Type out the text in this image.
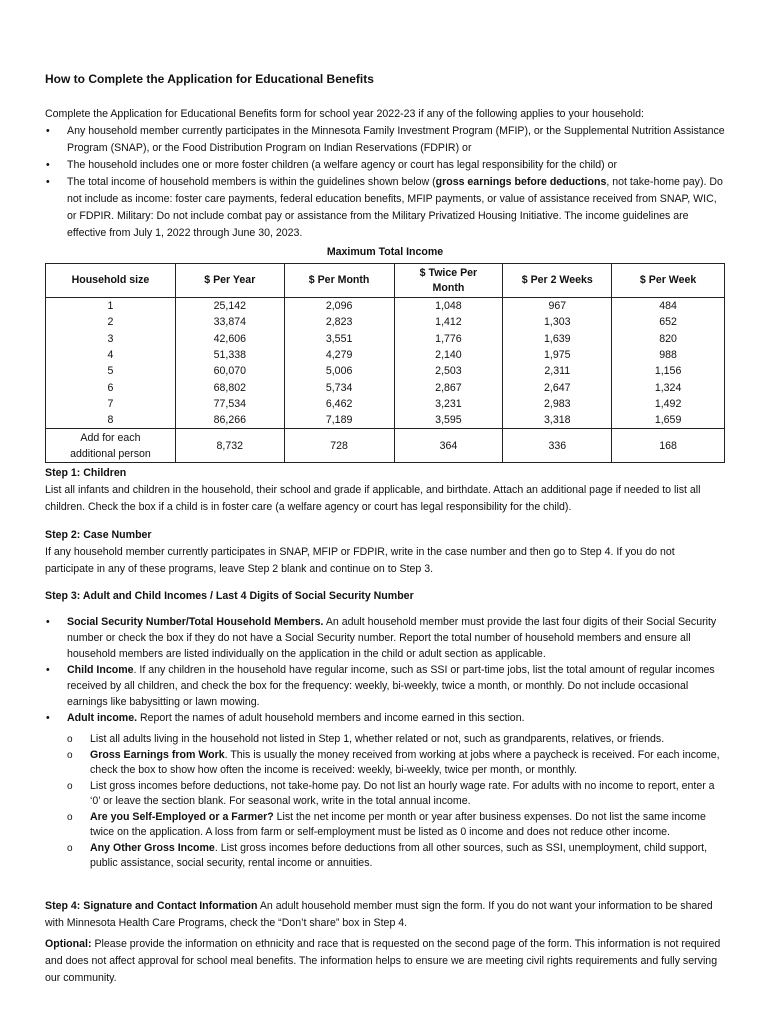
How to Complete the Application for Educational Benefits
Complete the Application for Educational Benefits form for school year 2022-23 if any of the following applies to your household:
• Any household member currently participates in the Minnesota Family Investment Program (MFIP), or the Supplemental Nutrition Assistance Program (SNAP), or the Food Distribution Program on Indian Reservations (FDPIR) or
• The household includes one or more foster children (a welfare agency or court has legal responsibility for the child) or
• The total income of household members is within the guidelines shown below (gross earnings before deductions, not take-home pay). Do not include as income: foster care payments, federal education benefits, MFIP payments, or value of assistance received from SNAP, WIC, or FDPIR. Military: Do not include combat pay or assistance from the Military Privatized Housing Initiative. The income guidelines are effective from July 1, 2022 through June 30, 2023.
Maximum Total Income
Household size	$ Per Year	$ Per Month	$ Twice Per Month	$ Per 2 Weeks	$ Per Week
1	25,142	2,096	1,048	967	484
2	33,874	2,823	1,412	1,303	652
3	42,606	3,551	1,776	1,639	820
4	51,338	4,279	2,140	1,975	988
5	60,070	5,006	2,503	2,311	1,156
6	68,802	5,734	2,867	2,647	1,324
7	77,534	6,462	3,231	2,983	1,492
8	86,266	7,189	3,595	3,318	1,659
Add for each additional person	8,732	728	364	336	168
Step 1: Children
List all infants and children in the household, their school and grade if applicable, and birthdate. Attach an additional page if needed to list all children. Check the box if a child is in foster care (a welfare agency or court has legal responsibility for the child).
Step 2: Case Number
If any household member currently participates in SNAP, MFIP or FDPIR, write in the case number and then go to Step 4. If you do not participate in any of these programs, leave Step 2 blank and continue on to Step 3.
Step 3: Adult and Child Incomes / Last 4 Digits of Social Security Number
• Social Security Number/Total Household Members. An adult household member must provide the last four digits of their Social Security number or check the box if they do not have a Social Security number. Report the total number of household members and ensure all household members are listed individually on the application in the child or adult section as applicable.
• Child Income. If any children in the household have regular income, such as SSI or part-time jobs, list the total amount of regular incomes received by all children, and check the box for the frequency: weekly, bi-weekly, twice a month, or monthly. Do not include occasional earnings like babysitting or lawn mowing.
• Adult income. Report the names of adult household members and income earned in this section.
o List all adults living in the household not listed in Step 1, whether related or not, such as grandparents, relatives, or friends.
o Gross Earnings from Work. This is usually the money received from working at jobs where a paycheck is received. For each income, check the box to show how often the income is received: weekly, bi-weekly, twice per month, or monthly.
o List gross incomes before deductions, not take-home pay. Do not list an hourly wage rate. For adults with no income to report, enter a ‘0’ or leave the section blank. For seasonal work, write in the total annual income.
o Are you Self-Employed or a Farmer? List the net income per month or year after business expenses. Do not list the same income twice on the application. A loss from farm or self-employment must be listed as 0 income and does not reduce other income.
o Any Other Gross Income. List gross incomes before deductions from all other sources, such as SSI, unemployment, child support, public assistance, social security, rental income or annuities.
Step 4: Signature and Contact Information An adult household member must sign the form. If you do not want your information to be shared with Minnesota Health Care Programs, check the “Don’t share” box in Step 4.
Optional: Please provide the information on ethnicity and race that is requested on the second page of the form. This information is not required and does not affect approval for school meal benefits. The information helps to ensure we are meeting civil rights requirements and fully serving our community.
